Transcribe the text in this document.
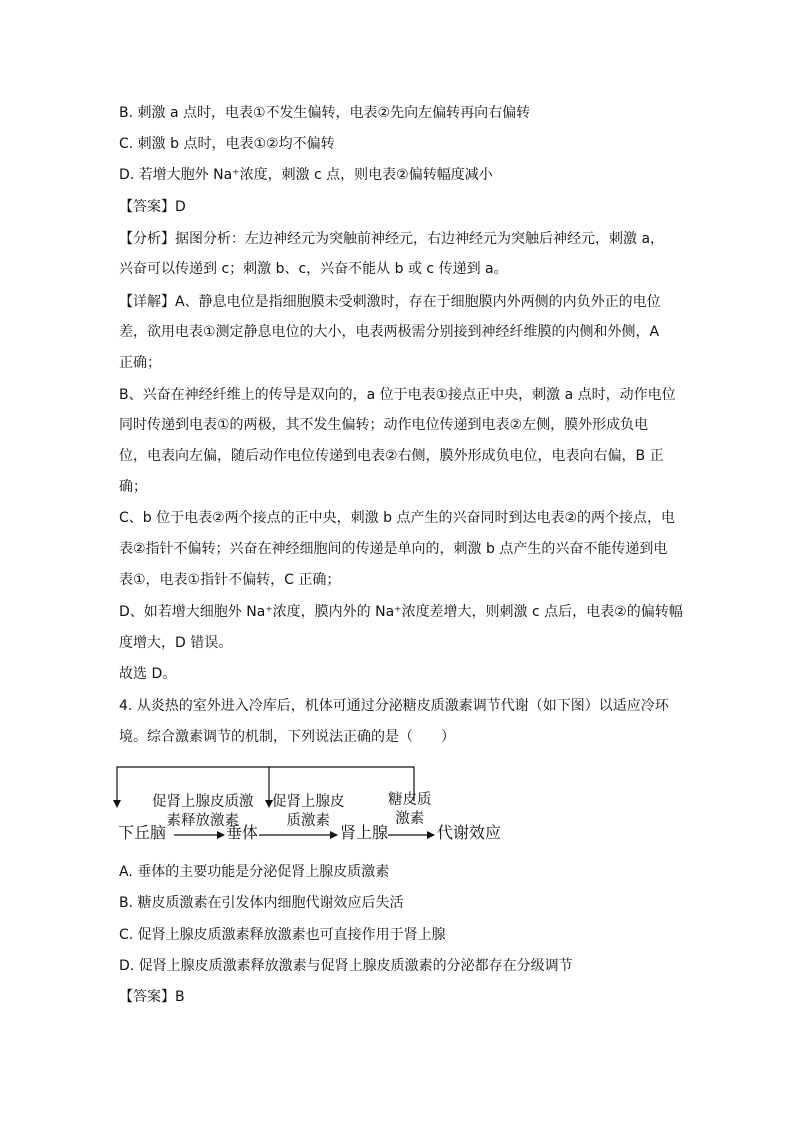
B. 刺激 a 点时，电表①不发生偏转，电表②先向左偏转再向右偏转
C. 刺激 b 点时，电表①②均不偏转
D. 若增大胞外 Na⁺浓度，刺激 c 点，则电表②偏转幅度减小
【答案】D
【分析】据图分析：左边神经元为突触前神经元，右边神经元为突触后神经元，刺激 a，
兴奋可以传递到 c；刺激 b、c，兴奋不能从 b 或 c 传递到 a。
【详解】A、静息电位是指细胞膜未受刺激时，存在于细胞膜内外两侧的内负外正的电位
差，欲用电表①测定静息电位的大小，电表两极需分别接到神经纤维膜的内侧和外侧，A
正确；
B、兴奋在神经纤维上的传导是双向的，a 位于电表①接点正中央，刺激 a 点时，动作电位
同时传递到电表①的两极，其不发生偏转；动作电位传递到电表②左侧，膜外形成负电
位，电表向左偏，随后动作电位传递到电表②右侧，膜外形成负电位，电表向右偏，B 正
确；
C、b 位于电表②两个接点的正中央，刺激 b 点产生的兴奋同时到达电表②的两个接点，电
表②指针不偏转；兴奋在神经细胞间的传递是单向的，刺激 b 点产生的兴奋不能传递到电
表①，电表①指针不偏转，C 正确；
D、如若增大细胞外 Na⁺浓度，膜内外的 Na⁺浓度差增大，则刺激 c 点后，电表②的偏转幅
度增大，D 错误。
故选 D。
4. 从炎热的室外进入冷库后，机体可通过分泌糖皮质激素调节代谢（如下图）以适应冷环
境。综合激素调节的机制，下列说法正确的是（　　）
促肾上腺皮质激
素释放激素
促肾上腺皮
质激素
糖皮质
激素
下丘脑	垂体	肾上腺	代谢效应
A. 垂体的主要功能是分泌促肾上腺皮质激素
B. 糖皮质激素在引发体内细胞代谢效应后失活
C. 促肾上腺皮质激素释放激素也可直接作用于肾上腺
D. 促肾上腺皮质激素释放激素与促肾上腺皮质激素的分泌都存在分级调节
【答案】B
